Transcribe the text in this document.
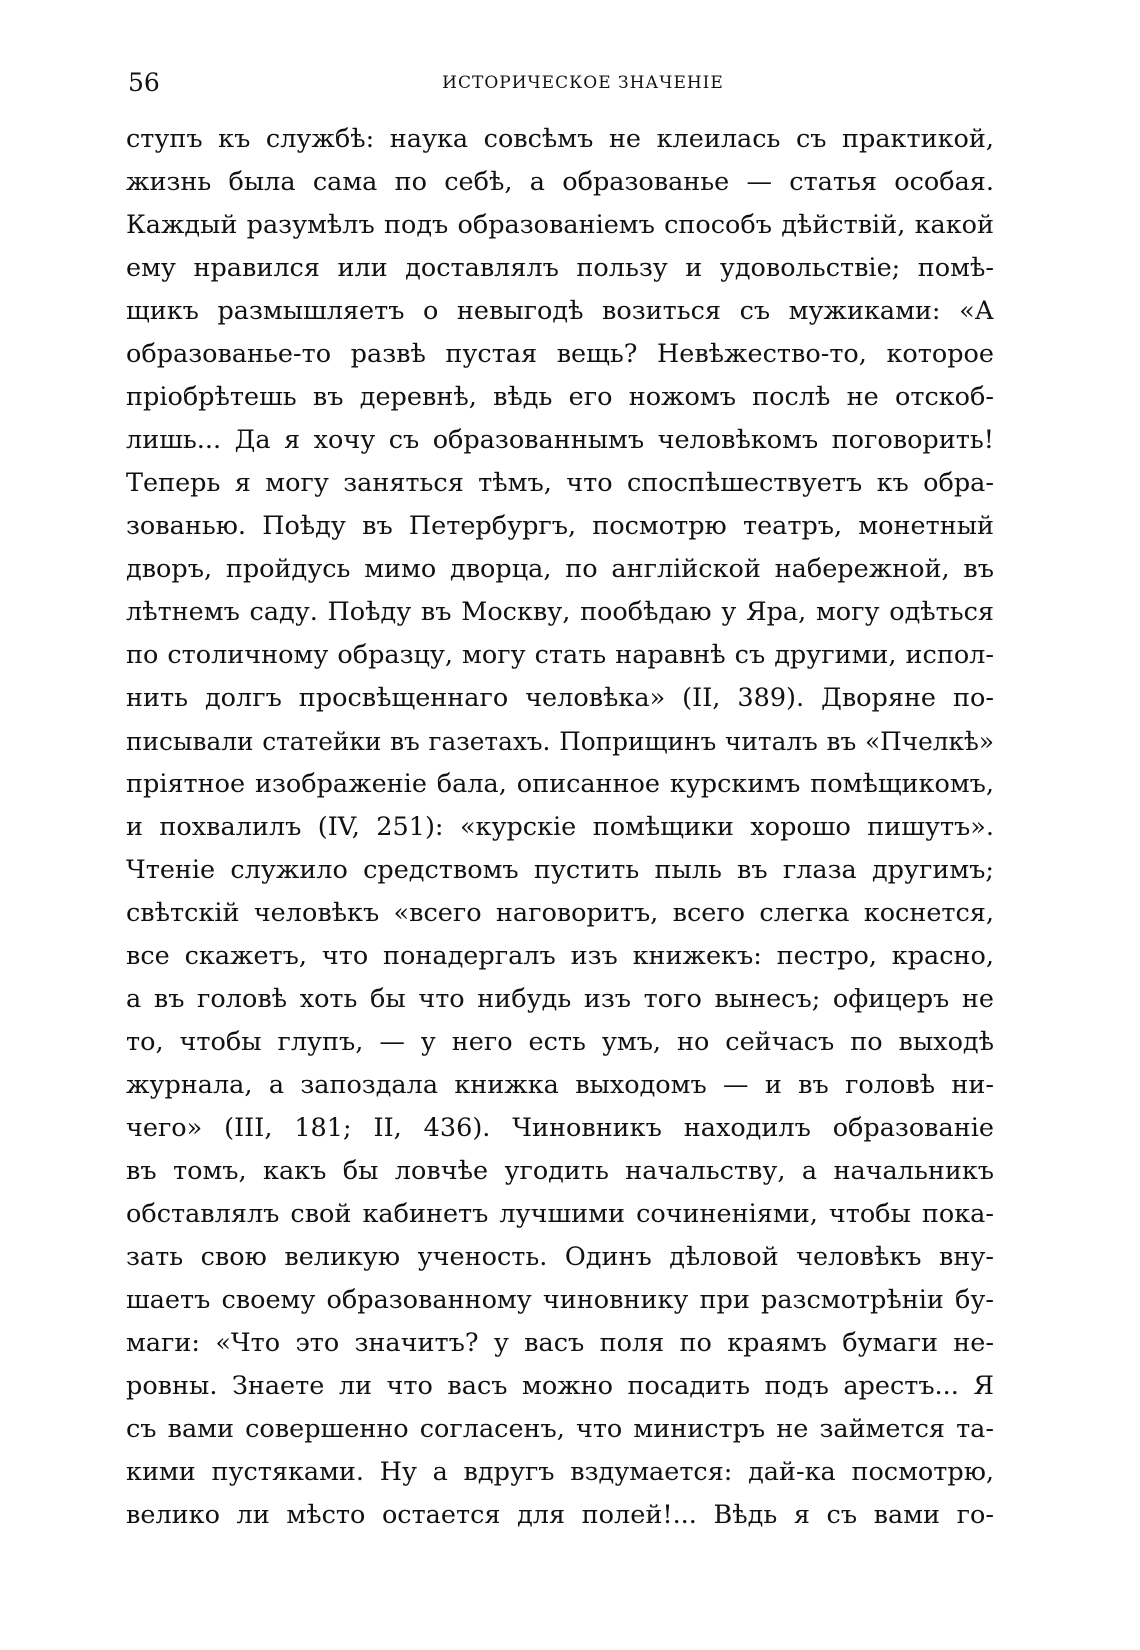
56	ИСТОРИЧЕСКОЕ ЗНАЧЕНІЕ
ступъ къ службѣ: наука совсѣмъ не клеилась съ практикой,
жизнь была сама по себѣ, а образованье — статья особая.
Каждый разумѣлъ подъ образованіемъ способъ дѣйствій, какой
ему нравился или доставлялъ пользу и удовольствіе; помѣ-
щикъ размышляетъ о невыгодѣ возиться съ мужиками: «А
образованье-то развѣ пустая вещь? Невѣжество-то, которое
пріобрѣтешь въ деревнѣ, вѣдь его ножомъ послѣ не отскоб-
лишь... Да я хочу съ образованнымъ человѣкомъ поговорить!
Теперь я могу заняться тѣмъ, что споспѣшествуетъ къ обра-
зованью. Поѣду въ Петербургъ, посмотрю театръ, монетный
дворъ, пройдусь мимо дворца, по англійской набережной, въ
лѣтнемъ саду. Поѣду въ Москву, пообѣдаю у Яра, могу одѣться
по столичному образцу, могу стать наравнѣ съ другими, испол-
нить долгъ просвѣщеннаго человѣка» (II, 389). Дворяне по-
писывали статейки въ газетахъ. Поприщинъ читалъ въ «Пчелкѣ»
пріятное изображеніе бала, описанное курскимъ помѣщикомъ,
и похвалилъ (IV, 251): «курскіе помѣщики хорошо пишутъ».
Чтеніе служило средствомъ пустить пыль въ глаза другимъ;
свѣтскій человѣкъ «всего наговоритъ, всего слегка коснется,
все скажетъ, что понадергалъ изъ книжекъ: пестро, красно,
а въ головѣ хоть бы что нибудь изъ того вынесъ; офицеръ не
то, чтобы глупъ, — у него есть умъ, но сейчасъ по выходѣ
журнала, а запоздала книжка выходомъ — и въ головѣ ни-
чего» (III, 181; II, 436). Чиновникъ находилъ образованіе
въ томъ, какъ бы ловчѣе угодить начальству, а начальникъ
обставлялъ свой кабинетъ лучшими сочиненіями, чтобы пока-
зать свою великую ученость. Одинъ дѣловой человѣкъ вну-
шаетъ своему образованному чиновнику при разсмотрѣніи бу-
маги: «Что это значитъ? у васъ поля по краямъ бумаги не-
ровны. Знаете ли что васъ можно посадить подъ арестъ... Я
съ вами совершенно согласенъ, что министръ не займется та-
кими пустяками. Ну а вдругъ вздумается: дай-ка посмотрю,
велико ли мѣсто остается для полей!... Вѣдь я съ вами го-
